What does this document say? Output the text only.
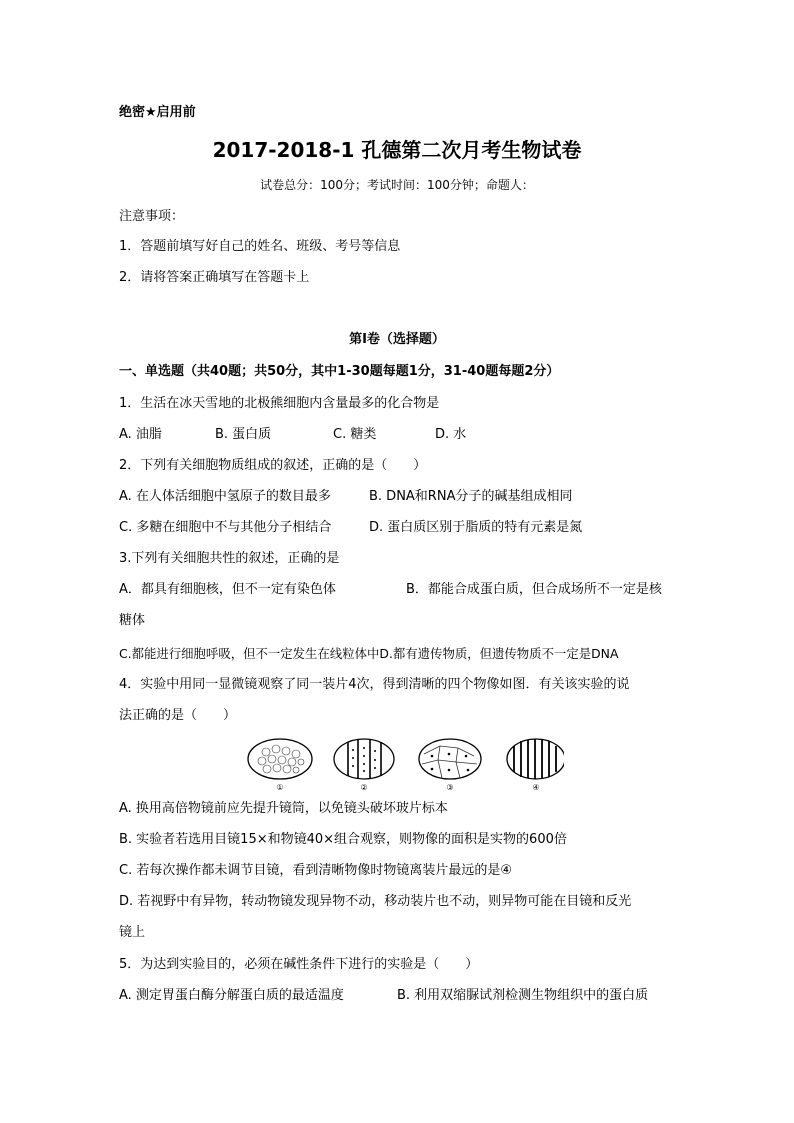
绝密★启用前
2017-2018-1 孔德第二次月考生物试卷
试卷总分：100分；考试时间：100分钟；命题人：
注意事项：
1．答题前填写好自己的姓名、班级、考号等信息
2．请将答案正确填写在答题卡上
第I卷（选择题）
一、单选题（共40题；共50分，其中1-30题每题1分，31-40题每题2分）
1．生活在冰天雪地的北极熊细胞内含量最多的化合物是
A. 油脂	B. 蛋白质	C. 糖类	D. 水
2．下列有关细胞物质组成的叙述，正确的是（　　）
A. 在人体活细胞中氢原子的数目最多	B. DNA和RNA分子的碱基组成相同
C. 多糖在细胞中不与其他分子相结合	D. 蛋白质区别于脂质的特有元素是氮
3.下列有关细胞共性的叙述，正确的是
A．都具有细胞核，但不一定有染色体	B．都能合成蛋白质，但合成场所不一定是核
糖体
C.都能进行细胞呼吸，但不一定发生在线粒体中D.都有遗传物质，但遗传物质不一定是DNA
4．实验中用同一显微镜观察了同一装片4次，得到清晰的四个物像如图．有关该实验的说
法正确的是（　　）
①	②	③	④
A. 换用高倍物镜前应先提升镜筒，以免镜头破坏玻片标本
B. 实验者若选用目镜15×和物镜40×组合观察，则物像的面积是实物的600倍
C. 若每次操作都未调节目镜，看到清晰物像时物镜离装片最远的是④
D. 若视野中有异物，转动物镜发现异物不动，移动装片也不动，则异物可能在目镜和反光
镜上
5．为达到实验目的，必须在碱性条件下进行的实验是（　　）
A. 测定胃蛋白酶分解蛋白质的最适温度	B. 利用双缩脲试剂检测生物组织中的蛋白质
